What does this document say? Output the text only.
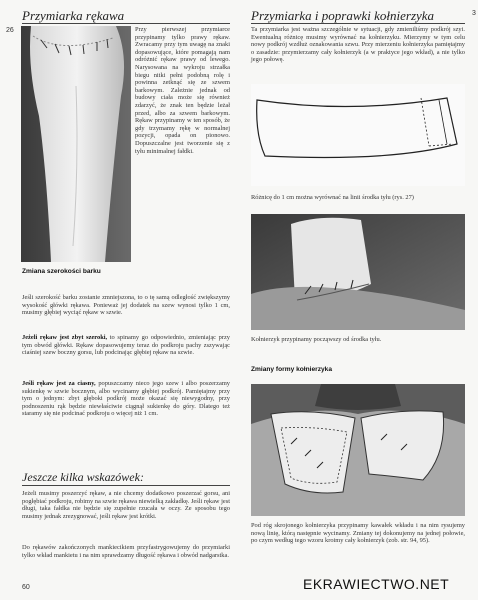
Przymiarka rękawa
26	Przy pierwszej przymiarce przypinamy tylko prawy rękaw. Zwracamy przy tym uwagę na znaki dopasowujące, które pomagają nam odróżnić rękaw prawy od lewego. Narysowana na wykroju strzałka biegu nitki pełni podobną rolę i powinna zetknąć się ze szwem barkowym. Zależnie jednak od budowy ciała może się również zdarzyć, że znak ten będzie leżał przed, albo za szwem barkowym. Rękaw przypinamy w ten sposób, że gdy trzymamy rękę w normalnej pozycji, opada on pionowo. Dopuszczalne jest tworzenie się z tyłu minimalnej fałdki.
Zmiana szerokości barku
Jeśli szerokość barku zostanie zmniejszona, to o tę samą odległość zwiększymy wysokość główki rękawa. Ponieważ jej dodatek na szew wynosi tylko 1 cm, musimy głębiej wyciąć rękaw w szwie.
Jeżeli rękaw jest zbyt szeroki, to spinamy go odpowiednio, zmieniając przy tym obwód główki. Rękaw dopasowujemy teraz do podkroju pachy zszywając ciaśniej szew boczny gorsu, lub podcinając głębiej rękaw na szwie.
Jeśli rękaw jest za ciasny, popuszczamy nieco jego szew i albo poszerzamy sukienkę w szwie bocznym, albo wycinamy głębiej podkrój. Pamiętajmy przy tym o jednym: zbyt głęboki podkrój może okazać się niewygodny, przy podnoszeniu rąk będzie niewłaściwie ciągnął sukienkę do góry. Dlatego też staramy się nie podcinać podkroju o więcej niż 1 cm.
Jeszcze kilka wskazówek:
Jeżeli musimy poszerzyć rękaw, a nie chcemy dodatkowo poszerzać gorsu, ani pogłębiać podkroju, robimy na szwie rękawa niewielką zakładkę. Jeśli rękaw jest długi, taka fałdka nie będzie się zupełnie rzucała w oczy. Ze sposobu tego musimy jednak zrezygnować, jeśli rękaw jest krótki.
Do rękawów zakończonych mankiecikiem przyfastrygowujemy do przymiarki tylko wkład mankietu i na nim sprawdzamy długość rękawa i obwód nadgarstka.
60
Przymiarka i poprawki kołnierzyka	3
Ta przymiarka jest ważna szczególnie w sytuacji, gdy zmieniliśmy podkrój szyi. Ewentualną różnicę musimy wyrównać na kołnierzyku. Mierzymy w tym celu nowy podkrój wzdłuż oznakowania szwu. Przy mierzeniu kołnierzyka pamiętajmy o zasadzie: przymierzamy cały kołnierzyk (a w praktyce jego wkład), a nie tylko jego połowę.
Różnicę do 1 cm można wyrównać na linii środka tyłu (rys. 27)
Kołnierzyk przypinamy począwszy od środka tyłu.
Zmiany formy kołnierzyka
Pod róg skrojonego kołnierzyka przypinamy kawałek wkładu i na nim rysujemy nową linię, którą następnie wycinamy. Zmiany tej dokonujemy na jednej połowie, po czym według tego wzoru kroimy cały kołnierzyk (zob. str. 94, 95).
EKRAWIECTWO.NET
